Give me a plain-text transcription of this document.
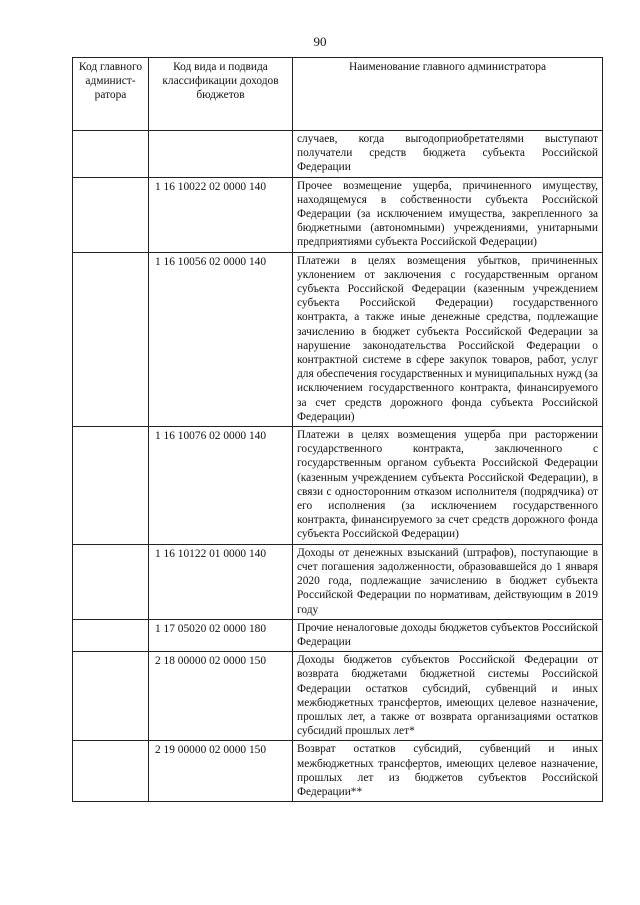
90
Код главного админист-ратора	Код вида и подвида классификации доходов бюджетов	Наименование главного администратора
		случаев, когда выгодоприобретателями выступают получатели средств бюджета субъекта Российской Федерации
	1 16 10022 02 0000 140	Прочее возмещение ущерба, причиненного имуществу, находящемуся в собственности субъекта Российской Федерации (за исключением имущества, закрепленного за бюджетными (автономными) учреждениями, унитарными предприятиями субъекта Российской Федерации)
	1 16 10056 02 0000 140	Платежи в целях возмещения убытков, причиненных уклонением от заключения с государственным органом субъекта Российской Федерации (казенным учреждением субъекта Российской Федерации) государственного контракта, а также иные денежные средства, подлежащие зачислению в бюджет субъекта Российской Федерации за нарушение законодательства Российской Федерации о контрактной системе в сфере закупок товаров, работ, услуг для обеспечения государственных и муниципальных нужд (за исключением государственного контракта, финансируемого за счет средств дорожного фонда субъекта Российской Федерации)
	1 16 10076 02 0000 140	Платежи в целях возмещения ущерба при расторжении государственного контракта, заключенного с государственным органом субъекта Российской Федерации (казенным учреждением субъекта Российской Федерации), в связи с односторонним отказом исполнителя (подрядчика) от его исполнения (за исключением государственного контракта, финансируемого за счет средств дорожного фонда субъекта Российской Федерации)
	1 16 10122 01 0000 140	Доходы от денежных взысканий (штрафов), поступающие в счет погашения задолженности, образовавшейся до 1 января 2020 года, подлежащие зачислению в бюджет субъекта Российской Федерации по нормативам, действующим в 2019 году
	1 17 05020 02 0000 180	Прочие неналоговые доходы бюджетов субъектов Российской Федерации
	2 18 00000 02 0000 150	Доходы бюджетов субъектов Российской Федерации от возврата бюджетами бюджетной системы Российской Федерации остатков субсидий, субвенций и иных межбюджетных трансфертов, имеющих целевое назначение, прошлых лет, а также от возврата организациями остатков субсидий прошлых лет*
	2 19 00000 02 0000 150	Возврат остатков субсидий, субвенций и иных межбюджетных трансфертов, имеющих целевое назначение, прошлых лет из бюджетов субъектов Российской Федерации**
